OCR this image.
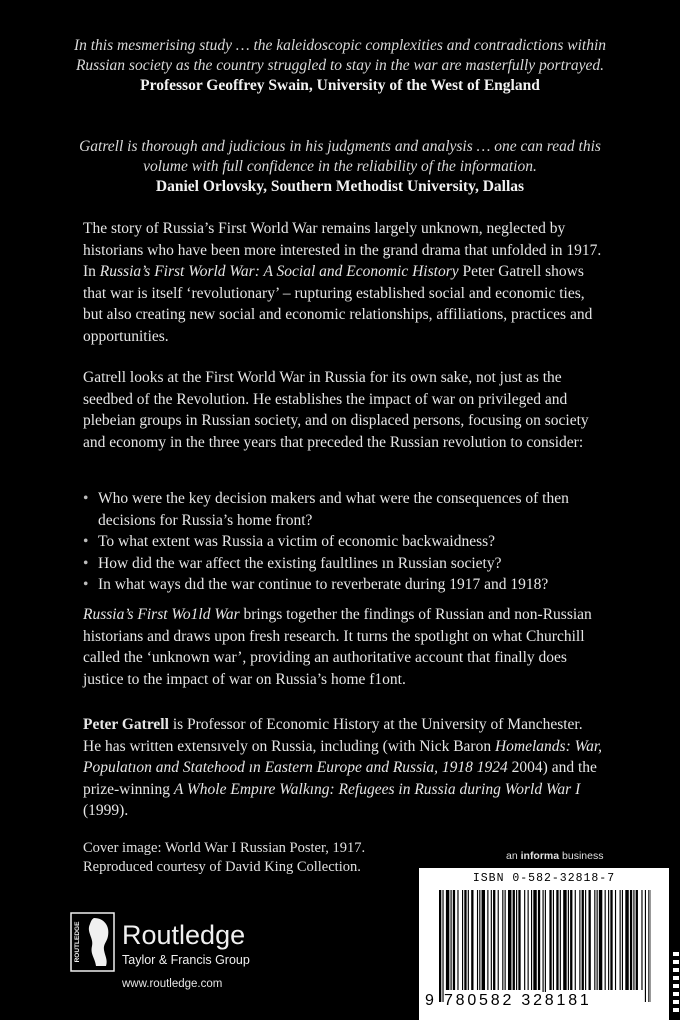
In this mesmerising study … the kaleidoscopic complexities and contradictions within Russian society as the country struggled to stay in the war are masterfully portrayed.
Professor Geoffrey Swain, University of the West of England
Gatrell is thorough and judicious in his judgments and analysis … one can read this volume with full confidence in the reliability of the information.
Daniel Orlovsky, Southern Methodist University, Dallas
The story of Russia’s First World War remains largely unknown, neglected by historians who have been more interested in the grand drama that unfolded in 1917. In Russia’s First World War: A Social and Economic History Peter Gatrell shows that war is itself ‘revolutionary’ – rupturing established social and economic ties, but also creating new social and economic relationships, affiliations, practices and opportunities.
Gatrell looks at the First World War in Russia for its own sake, not just as the seedbed of the Revolution. He establishes the impact of war on privileged and plebeian groups in Russian society, and on displaced persons, focusing on society and economy in the three years that preceded the Russian revolution to consider:
• Who were the key decision makers and what were the consequences of then decisions for Russia’s home front?
• To what extent was Russia a victim of economic backwaidness?
• How did the war affect the existing faultlines ın Russian society?
• In what ways dıd the war continue to reverberate during 1917 and 1918?
Russia’s First Wo1ld War brings together the findings of Russian and non-Russian historians and draws upon fresh research. It turns the spotlıght on what Churchill called the ‘unknown war’, providing an authoritative account that finally does justice to the impact of war on Russia’s home f1ont.
Peter Gatrell is Professor of Economic History at the University of Manchester. He has written extensıvely on Russia, including (with Nick Baron Homelands: War, Populatıon and Statehood ın Eastern Europe and Russia, 1918 1924 2004) and the prize-winning A Whole Empıre Walkıng: Refugees in Russia during World War I (1999).
Cover image: World War I Russian Poster, 1917.
Reproduced courtesy of David King Collection.
an informa business
ISBN 0-582-32818-7
9 780582 328181
ROUTLEDGE Routledge
Taylor & Francis Group
www.routledge.com
